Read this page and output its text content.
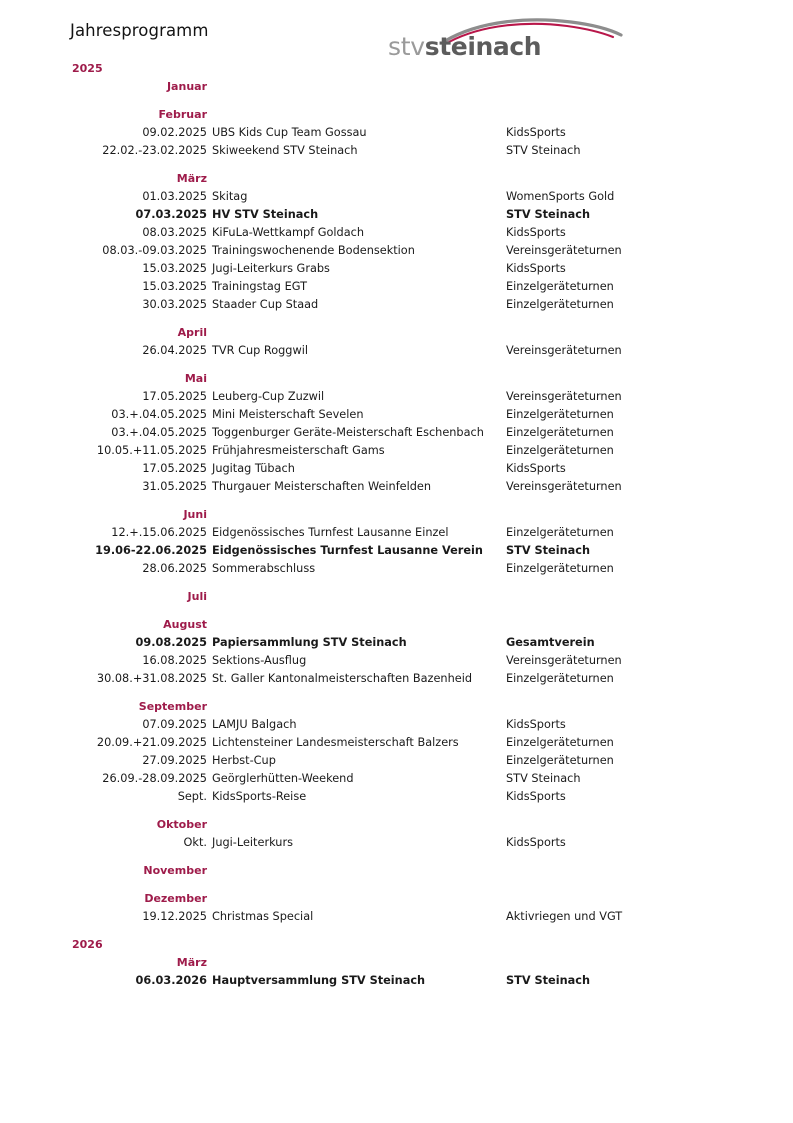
Jahresprogramm
stvsteinach
2025
Januar
Februar
09.02.2025 UBS Kids Cup Team Gossau	KidsSports
22.02.-23.02.2025 Skiweekend STV Steinach	STV Steinach
März
01.03.2025 Skitag	WomenSports Gold
07.03.2025 HV STV Steinach	STV Steinach
08.03.2025 KiFuLa-Wettkampf Goldach	KidsSports
08.03.-09.03.2025 Trainingswochenende Bodensektion	Vereinsgeräteturnen
15.03.2025 Jugi-Leiterkurs Grabs	KidsSports
15.03.2025 Trainingstag EGT	Einzelgeräteturnen
30.03.2025 Staader Cup Staad	Einzelgeräteturnen
April
26.04.2025 TVR Cup Roggwil	Vereinsgeräteturnen
Mai
17.05.2025 Leuberg-Cup Zuzwil	Vereinsgeräteturnen
03.+.04.05.2025 Mini Meisterschaft Sevelen	Einzelgeräteturnen
03.+.04.05.2025 Toggenburger Geräte-Meisterschaft Eschenbach	Einzelgeräteturnen
10.05.+11.05.2025 Frühjahresmeisterschaft Gams	Einzelgeräteturnen
17.05.2025 Jugitag Tübach	KidsSports
31.05.2025 Thurgauer Meisterschaften Weinfelden	Vereinsgeräteturnen
Juni
12.+.15.06.2025 Eidgenössisches Turnfest Lausanne Einzel	Einzelgeräteturnen
19.06-22.06.2025 Eidgenössisches Turnfest Lausanne Verein	STV Steinach
28.06.2025 Sommerabschluss	Einzelgeräteturnen
Juli
August
09.08.2025 Papiersammlung STV Steinach	Gesamtverein
16.08.2025 Sektions-Ausflug	Vereinsgeräteturnen
30.08.+31.08.2025 St. Galler Kantonalmeisterschaften Bazenheid	Einzelgeräteturnen
September
07.09.2025 LAMJU Balgach	KidsSports
20.09.+21.09.2025 Lichtensteiner Landesmeisterschaft Balzers	Einzelgeräteturnen
27.09.2025 Herbst-Cup	Einzelgeräteturnen
26.09.-28.09.2025 Geörglerhütten-Weekend	STV Steinach
Sept. KidsSports-Reise	KidsSports
Oktober
Okt. Jugi-Leiterkurs	KidsSports
November
Dezember
19.12.2025 Christmas Special	Aktivriegen und VGT
2026
März
06.03.2026 Hauptversammlung STV Steinach	STV Steinach
